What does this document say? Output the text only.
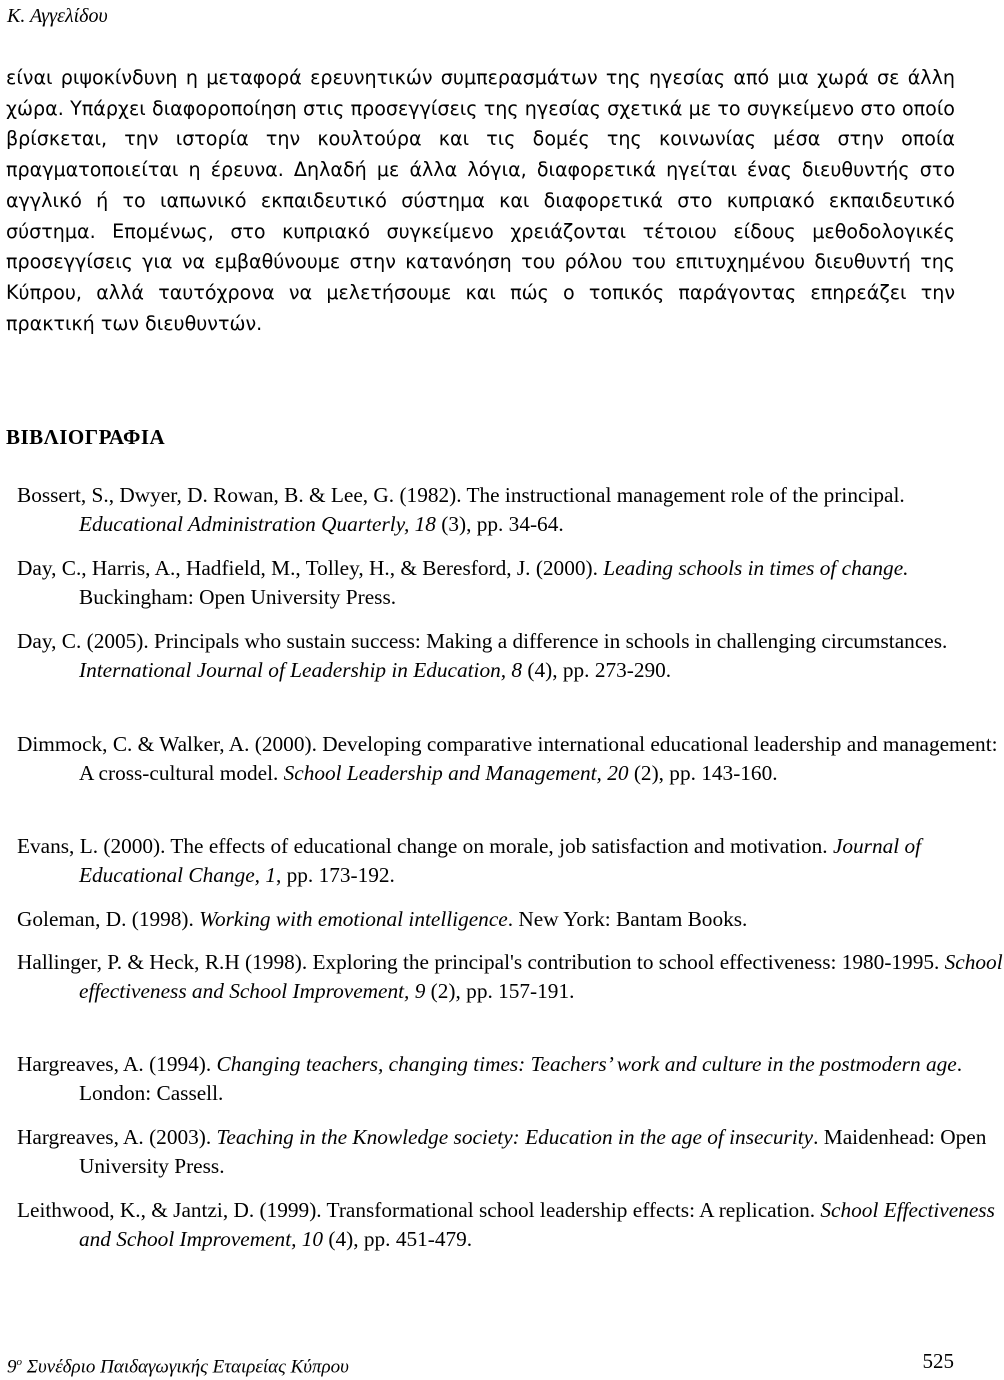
Κ. Αγγελίδου

είναι ριψοκίνδυνη η μεταφορά ερευνητικών συμπερασμάτων της ηγεσίας από μια χωρά σε άλλη χώρα. Υπάρχει διαφοροποίηση στις προσεγγίσεις της ηγεσίας σχετικά με το συγκείμενο στο οποίο βρίσκεται, την ιστορία την κουλτούρα και τις δομές της κοινωνίας μέσα στην οποία πραγματοποιείται η έρευνα. Δηλαδή με άλλα λόγια, διαφορετικά ηγείται ένας διευθυντής στο αγγλικό ή το ιαπωνικό εκπαιδευτικό σύστημα και διαφορετικά στο κυπριακό εκπαιδευτικό σύστημα. Επομένως, στο κυπριακό συγκείμενο χρειάζονται τέτοιου είδους μεθοδολογικές προσεγγίσεις για να εμβαθύνουμε στην κατανόηση του ρόλου του επιτυχημένου διευθυντή της Κύπρου, αλλά ταυτόχρονα να μελετήσουμε και πώς ο τοπικός παράγοντας επηρεάζει την πρακτική των διευθυντών.

ΒΙΒΛΙΟΓΡΑΦΙΑ
Bossert, S., Dwyer, D. Rowan, B. & Lee, G. (1982). The instructional management role of the principal. Educational Administration Quarterly, 18 (3), pp. 34-64.
Day, C., Harris, A., Hadfield, M., Tolley, H., & Beresford, J. (2000). Leading schools in times of change. Buckingham: Open University Press.
Day, C. (2005). Principals who sustain success: Making a difference in schools in challenging circumstances. International Journal of Leadership in Education, 8 (4), pp. 273-290.
Dimmock, C. & Walker, A. (2000). Developing comparative international educational leadership and management: A cross-cultural model. School Leadership and Management, 20 (2), pp. 143-160.
Evans, L. (2000). The effects of educational change on morale, job satisfaction and motivation. Journal of Educational Change, 1, pp. 173-192.
Goleman, D. (1998). Working with emotional intelligence. New York: Bantam Books.
Hallinger, P. & Heck, R.H (1998). Exploring the principal's contribution to school effectiveness: 1980-1995. School effectiveness and School Improvement, 9 (2), pp. 157-191.
Hargreaves, A. (1994). Changing teachers, changing times: Teachers’ work and culture in the postmodern age. London: Cassell.
Hargreaves, A. (2003). Teaching in the Knowledge society: Education in the age of insecurity. Maidenhead: Open University Press.
Leithwood, K., & Jantzi, D. (1999). Transformational school leadership effects: A replication. School Effectiveness and School Improvement, 10 (4), pp. 451-479.
$9^o$ Συνέδριο Παιδαγωγικής Εταιρείας Κύπρου	525
